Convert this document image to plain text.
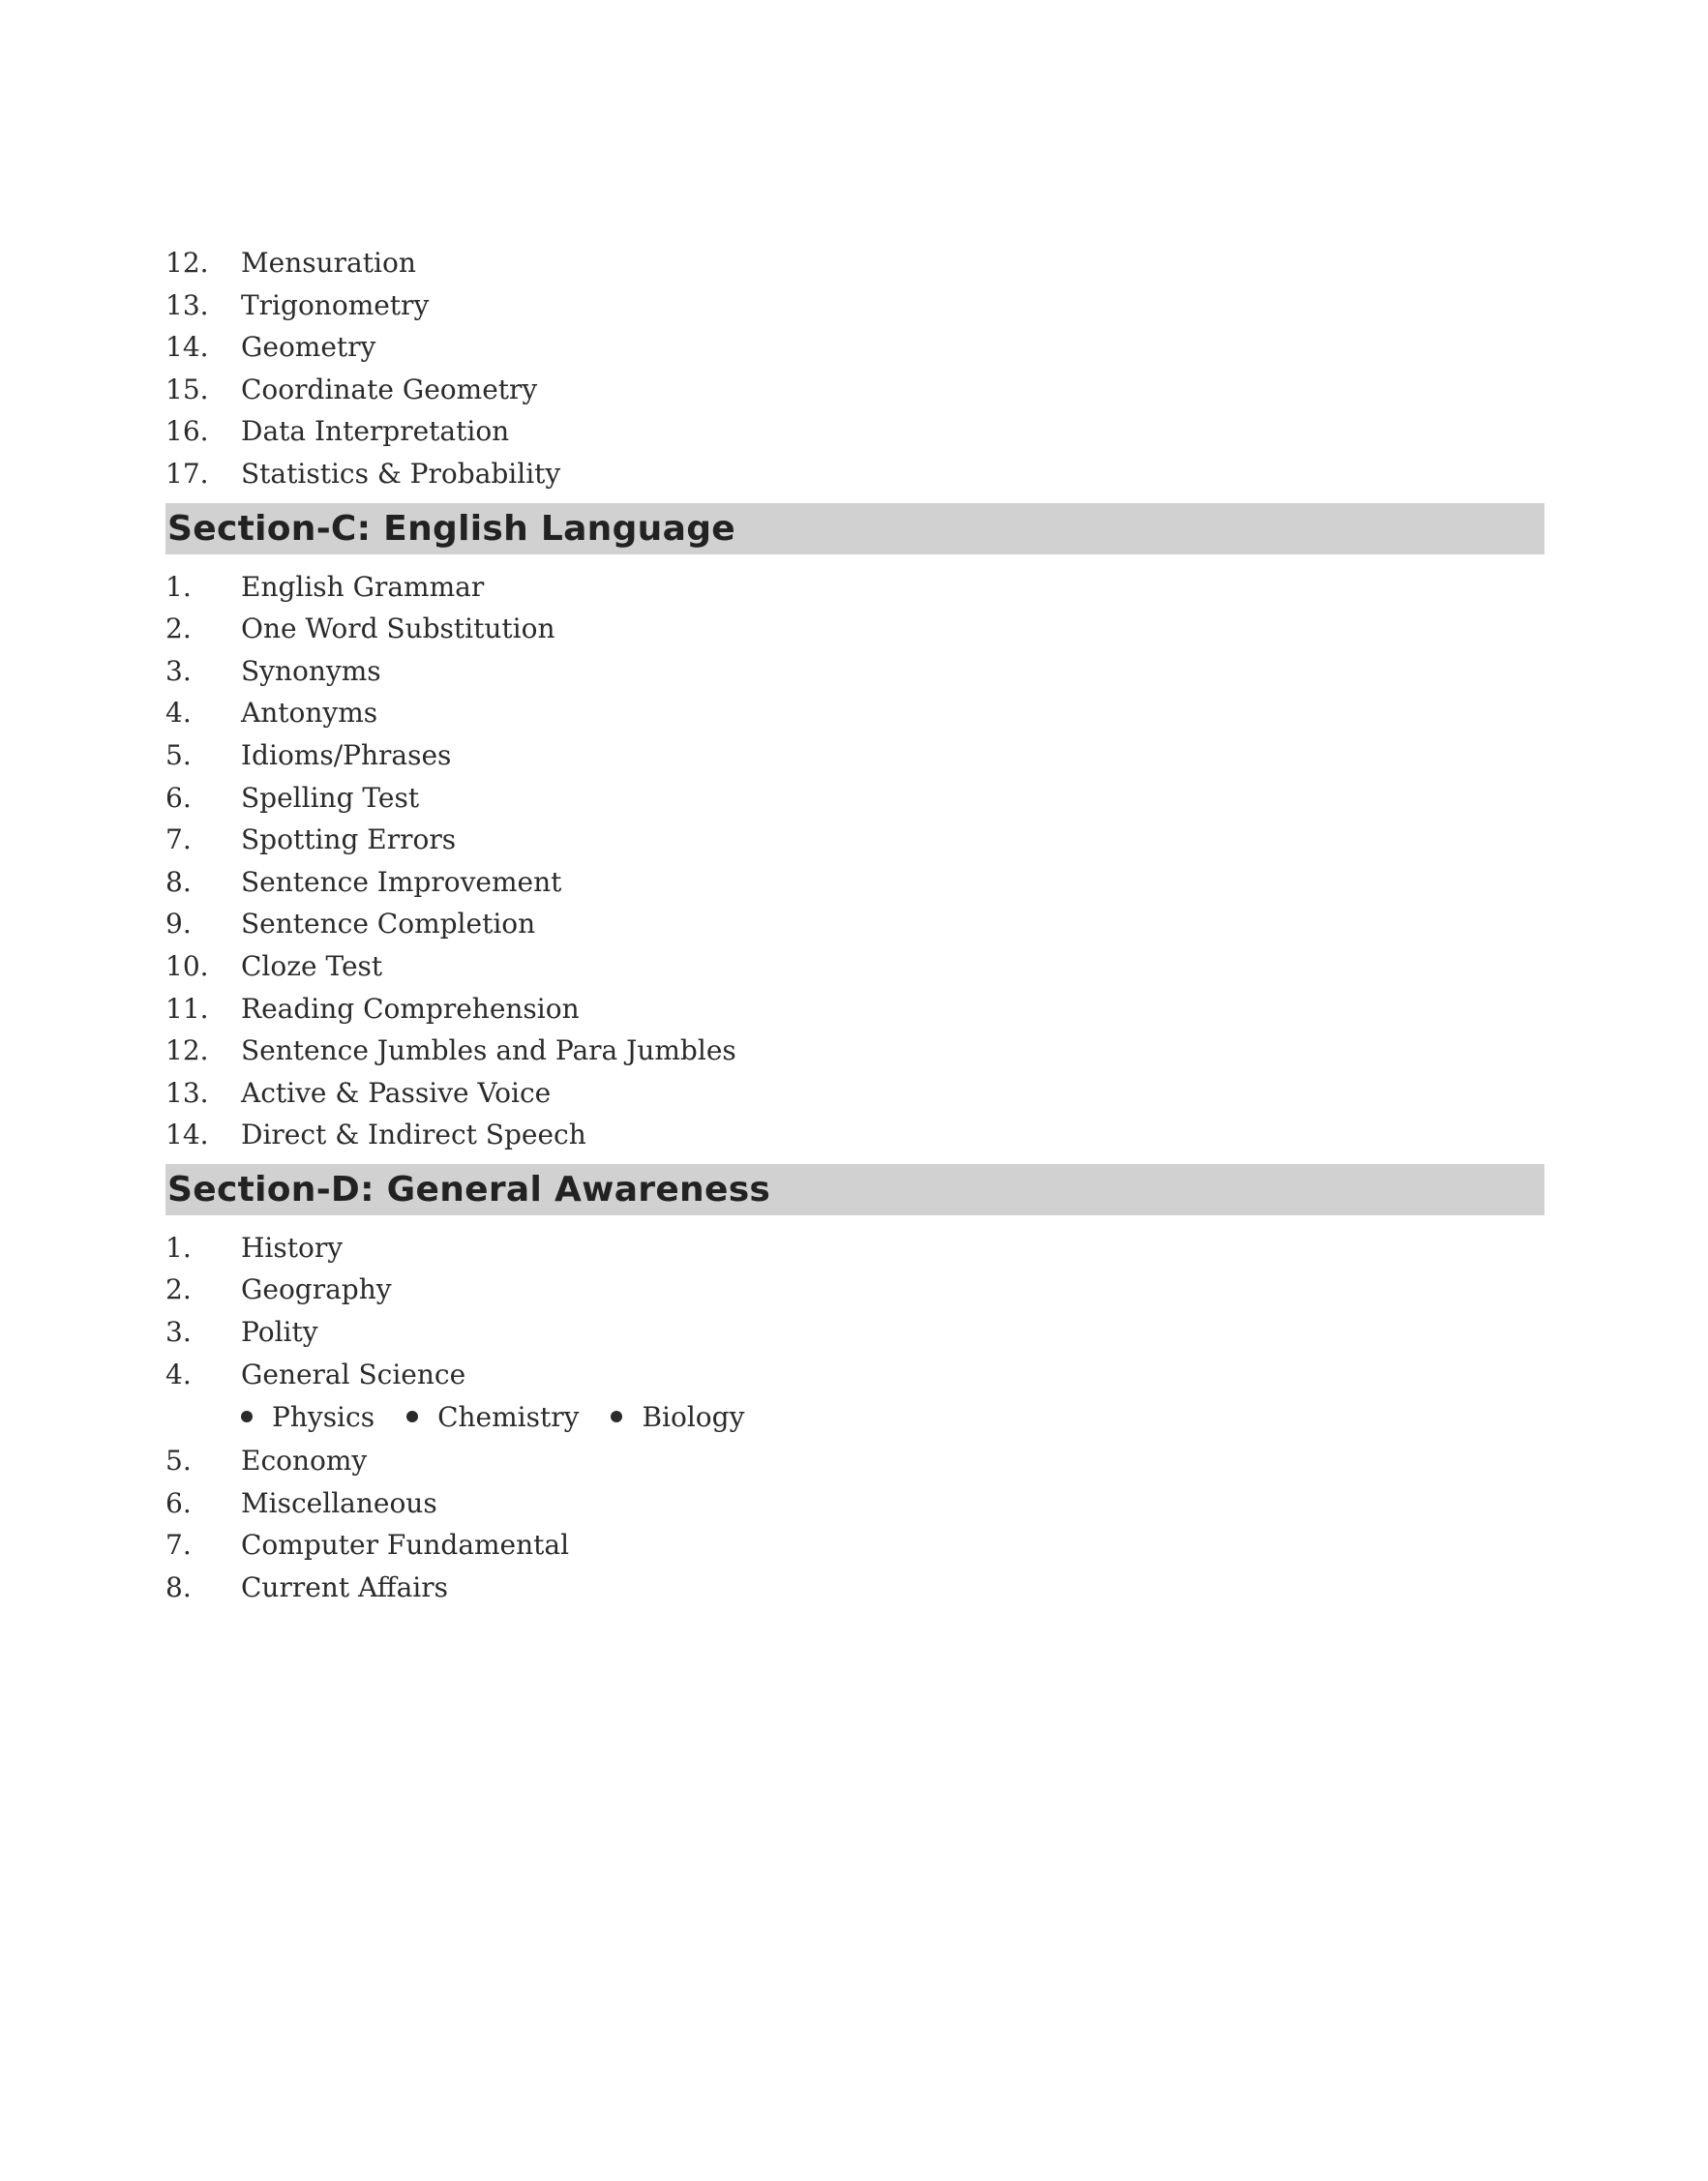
12.	Mensuration
13.	Trigonometry
14.	Geometry
15.	Coordinate Geometry
16.	Data Interpretation
17.	Statistics & Probability
Section-C: English Language
1.	English Grammar
2.	One Word Substitution
3.	Synonyms
4.	Antonyms
5.	Idioms/Phrases
6.	Spelling Test
7.	Spotting Errors
8.	Sentence Improvement
9.	Sentence Completion
10.	Cloze Test
11.	Reading Comprehension
12.	Sentence Jumbles and Para Jumbles
13.	Active & Passive Voice
14.	Direct & Indirect Speech
Section-D: General Awareness
1.	History
2.	Geography
3.	Polity
4.	General Science
Physics Chemistry Biology
5.	Economy
6.	Miscellaneous
7.	Computer Fundamental
8.	Current Affairs
